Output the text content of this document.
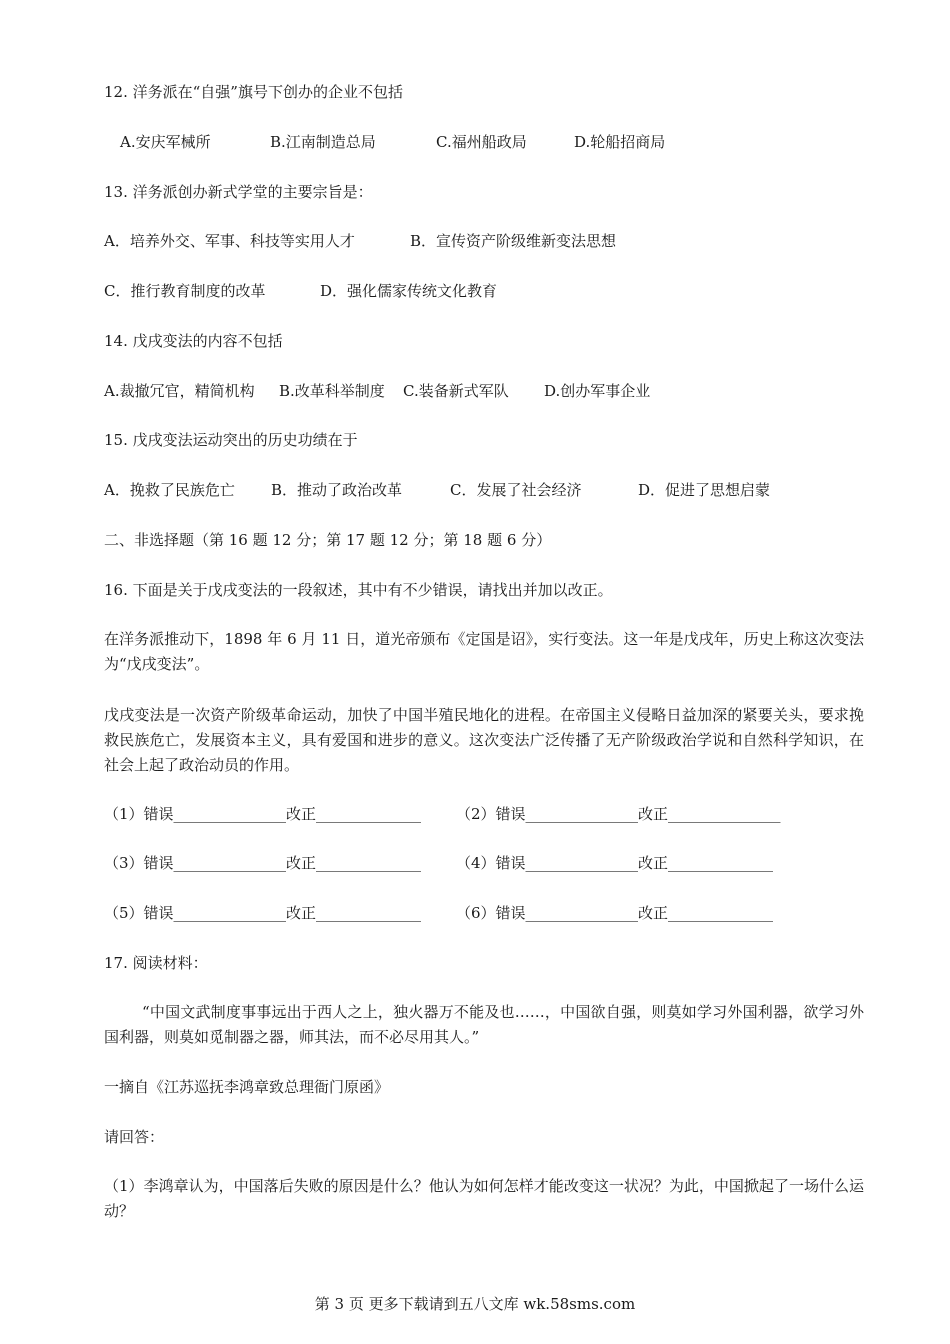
12. 洋务派在“自强”旗号下创办的企业不包括
A.安庆军械所	B.江南制造总局	C.福州船政局	D.轮船招商局
13. 洋务派创办新式学堂的主要宗旨是：
A．培养外交、军事、科技等实用人才	B．宣传资产阶级维新变法思想
C．推行教育制度的改革	D．强化儒家传统文化教育
14. 戊戌变法的内容不包括
A.裁撤冗官，精简机构 B.改革科举制度 C.装备新式军队 D.创办军事企业
15. 戊戌变法运动突出的历史功绩在于
A．挽救了民族危亡 B．推动了政治改革	C．发展了社会经济	D．促进了思想启蒙
二、非选择题（第 16 题 12 分；第 17 题 12 分；第 18 题 6 分）
16. 下面是关于戊戌变法的一段叙述，其中有不少错误，请找出并加以改正。
在洋务派推动下，1898 年 6 月 11 日，道光帝颁布《定国是诏》，实行变法。这一年是戊戌年，历史上称这次变法为“戊戌变法”。
戊戌变法是一次资产阶级革命运动，加快了中国半殖民地化的进程。在帝国主义侵略日益加深的紧要关头，要求挽救民族危亡，发展资本主义，具有爱国和进步的意义。这次变法广泛传播了无产阶级政治学说和自然科学知识，在社会上起了政治动员的作用。
（1）错误_______________改正______________ （2）错误_______________改正_______________
（3）错误_______________改正______________ （4）错误_______________改正______________
（5）错误_______________改正______________ （6）错误_______________改正______________
17. 阅读材料：
“中国文武制度事事远出于西人之上，独火器万不能及也……，中国欲自强，则莫如学习外国利器，欲学习外国利器，则莫如觅制器之器，师其法，而不必尽用其人。”
一摘自《江苏巡抚李鸿章致总理衙门原函》
请回答：
（1）李鸿章认为，中国落后失败的原因是什么？他认为如何怎样才能改变这一状况？为此，中国掀起了一场什么运动？
第 3 页 更多下载请到五八文库 wk.58sms.com
